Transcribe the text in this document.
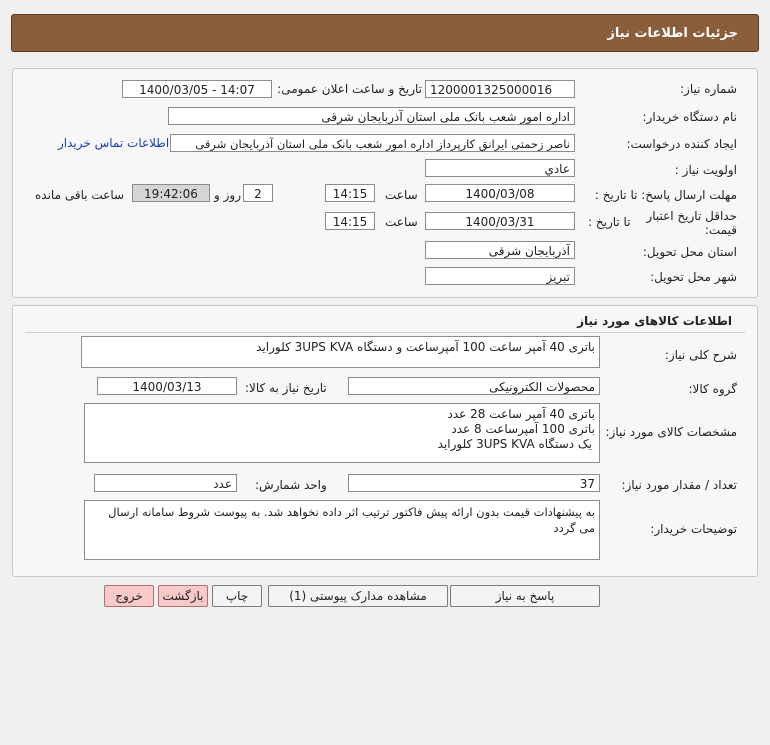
جزئیات اطلاعات نیاز
شماره نیاز:
1200001325000016
تاریخ و ساعت اعلان عمومی:
1400/03/05 - 14:07
نام دستگاه خریدار:
اداره امور شعب بانک ملی استان آذربایجان شرقی
ایجاد کننده درخواست:
ناصر زحمتی ایرانق کارپرداز اداره امور شعب بانک ملی استان آذربایجان شرقی
اطلاعات تماس خریدار
اولویت نیاز :
عادي
مهلت ارسال پاسخ: تا تاریخ :
1400/03/08
ساعت
14:15
2
روز و
19:42:06
ساعت باقی مانده
حداقل تاریخ اعتبار قیمت:
تا تاریخ :
1400/03/31
ساعت
14:15
استان محل تحویل:
آذربایجان شرقی
شهر محل تحویل:
تبریز
اطلاعات کالاهای مورد نیاز
شرح کلی نیاز:
باتری 40 آمپر ساعت 100 آمپرساعت و دستگاه 3UPS KVA کلوراید
گروه کالا:
محصولات الکترونیکی
تاریخ نیاز به کالا:
1400/03/13
مشخصات کالای مورد نیاز:
باتری 40 آمپر ساعت 28 عدد
باتری 100 آمپرساعت 8 عدد
یک دستگاه 3UPS KVA کلوراید
تعداد / مقدار مورد نیاز:
37
واحد شمارش:
عدد
توضیحات خریدار:
به پیشنهادات قیمت بدون ارائه پیش فاکتور ترتیب اثر داده نخواهد شد. به پیوست شروط سامانه ارسال می گردد
پاسخ به نیاز
مشاهده مدارک پیوستی (1)
چاپ
بازگشت
خروج
